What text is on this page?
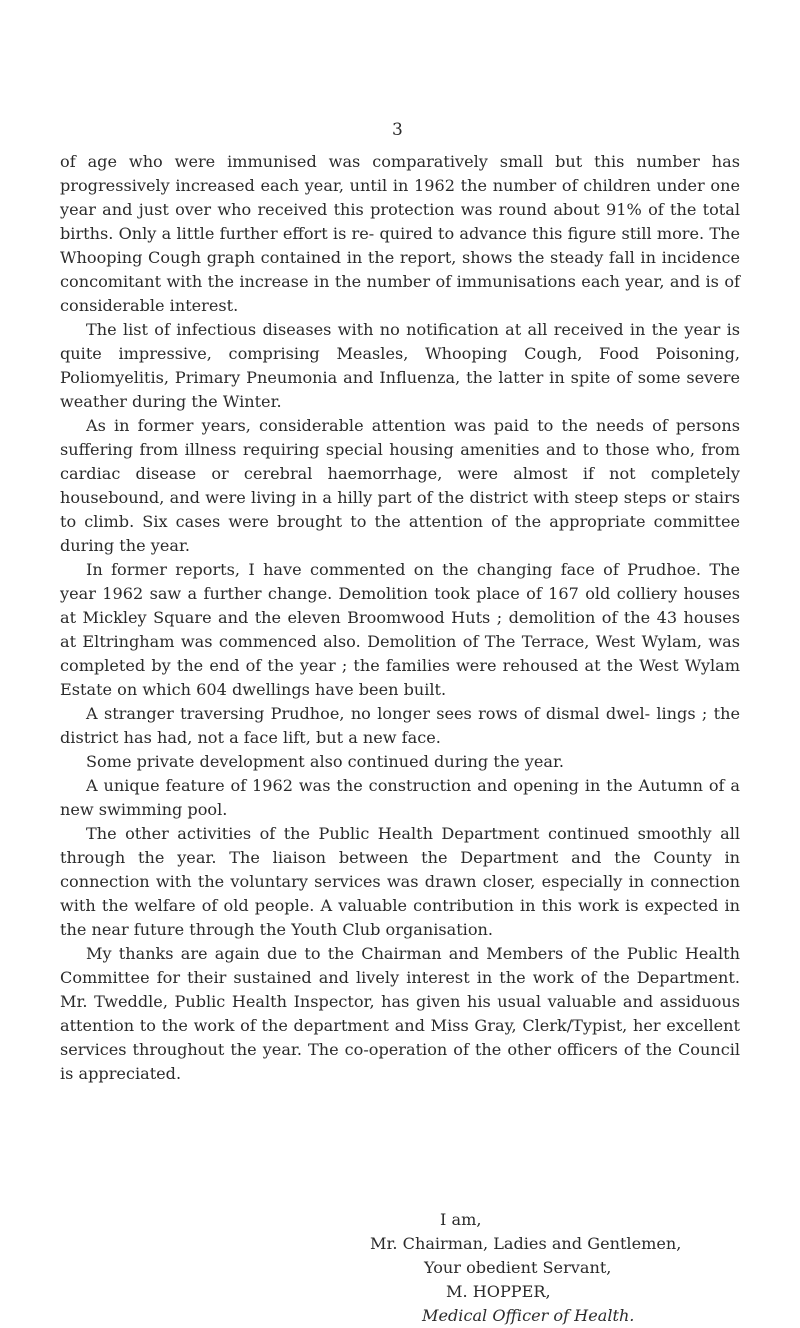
3

of age who were immunised was comparatively small but this number has progressively increased each year, until in 1962 the number of children under one year and just over who received this protection was round about 91% of the total births. Only a little further effort is re- quired to advance this figure still more. The Whooping Cough graph contained in the report, shows the steady fall in incidence concomitant with the increase in the number of immunisations each year, and is of considerable interest.

The list of infectious diseases with no notification at all received in the year is quite impressive, comprising Measles, Whooping Cough, Food Poisoning, Poliomyelitis, Primary Pneumonia and Influenza, the latter in spite of some severe weather during the Winter.

As in former years, considerable attention was paid to the needs of persons suffering from illness requiring special housing amenities and to those who, from cardiac disease or cerebral haemorrhage, were almost if not completely housebound, and were living in a hilly part of the district with steep steps or stairs to climb. Six cases were brought to the attention of the appropriate committee during the year.

In former reports, I have commented on the changing face of Prudhoe. The year 1962 saw a further change. Demolition took place of 167 old colliery houses at Mickley Square and the eleven Broomwood Huts ; demolition of the 43 houses at Eltringham was commenced also. Demolition of The Terrace, West Wylam, was completed by the end of the year ; the families were rehoused at the West Wylam Estate on which 604 dwellings have been built.

A stranger traversing Prudhoe, no longer sees rows of dismal dwel- lings ; the district has had, not a face lift, but a new face.

Some private development also continued during the year.

A unique feature of 1962 was the construction and opening in the Autumn of a new swimming pool.

The other activities of the Public Health Department continued smoothly all through the year. The liaison between the Department and the County in connection with the voluntary services was drawn closer, especially in connection with the welfare of old people. A valuable contribution in this work is expected in the near future through the Youth Club organisation.

My thanks are again due to the Chairman and Members of the Public Health Committee for their sustained and lively interest in the work of the Department. Mr. Tweddle, Public Health Inspector, has given his usual valuable and assiduous attention to the work of the department and Miss Gray, Clerk/Typist, her excellent services throughout the year. The co-operation of the other officers of the Council is appreciated.

I am,
Mr. Chairman, Ladies and Gentlemen,
Your obedient Servant,
M. HOPPER,
Medical Officer of Health.
